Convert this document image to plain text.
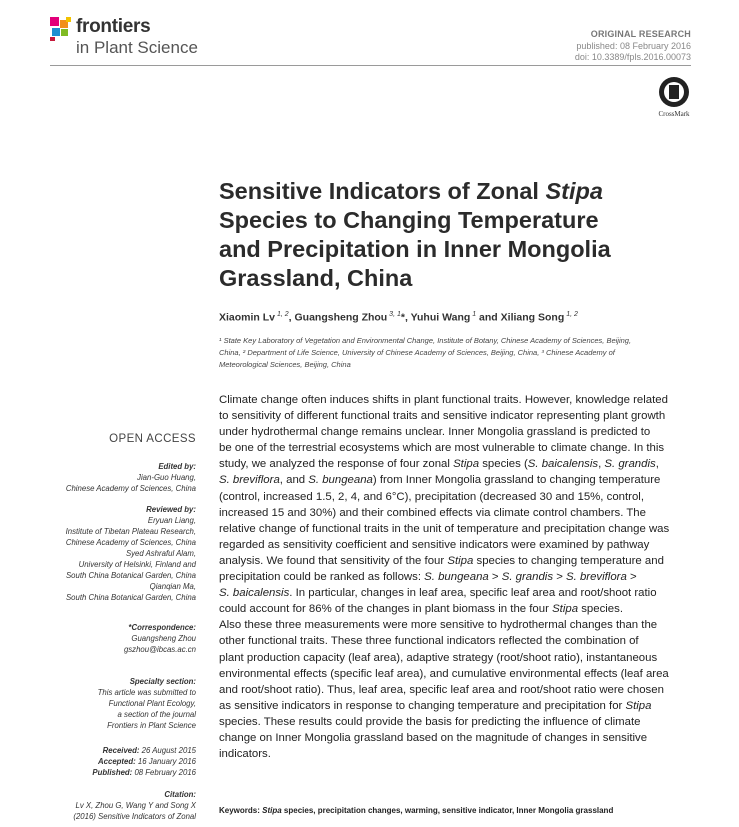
frontiers
in Plant Science
ORIGINAL RESEARCH
published: 08 February 2016
doi: 10.3389/fpls.2016.00073
CrossMark
Sensitive Indicators of Zonal Stipa
Species to Changing Temperature
and Precipitation in Inner Mongolia
Grassland, China
Xiaomin Lv $^{1, 2}$, Guangsheng Zhou $^{3, 1}$*, Yuhui Wang $^1$ and Xiliang Song $^{1, 2}$
¹ State Key Laboratory of Vegetation and Environmental Change, Institute of Botany, Chinese Academy of Sciences, Beijing,
China, ² Department of Life Science, University of Chinese Academy of Sciences, Beijing, China, ³ Chinese Academy of
Meteorological Sciences, Beijing, China
Climate change often induces shifts in plant functional traits. However, knowledge related
to sensitivity of different functional traits and sensitive indicator representing plant growth
under hydrothermal change remains unclear. Inner Mongolia grassland is predicted to
be one of the terrestrial ecosystems which are most vulnerable to climate change. In this
study, we analyzed the response of four zonal Stipa species (S. baicalensis, S. grandis,
S. breviflora, and S. bungeana) from Inner Mongolia grassland to changing temperature
(control, increased 1.5, 2, 4, and 6°C), precipitation (decreased 30 and 15%, control,
increased 15 and 30%) and their combined effects via climate control chambers. The
relative change of functional traits in the unit of temperature and precipitation change was
regarded as sensitivity coefficient and sensitive indicators were examined by pathway
analysis. We found that sensitivity of the four Stipa species to changing temperature and
precipitation could be ranked as follows: S. bungeana > S. grandis > S. breviflora >
S. baicalensis. In particular, changes in leaf area, specific leaf area and root/shoot ratio
could account for 86% of the changes in plant biomass in the four Stipa species.
Also these three measurements were more sensitive to hydrothermal changes than the
other functional traits. These three functional indicators reflected the combination of
plant production capacity (leaf area), adaptive strategy (root/shoot ratio), instantaneous
environmental effects (specific leaf area), and cumulative environmental effects (leaf area
and root/shoot ratio). Thus, leaf area, specific leaf area and root/shoot ratio were chosen
as sensitive indicators in response to changing temperature and precipitation for Stipa
species. These results could provide the basis for predicting the influence of climate
change on Inner Mongolia grassland based on the magnitude of changes in sensitive
indicators.
Keywords: Stipa species, precipitation changes, warming, sensitive indicator, Inner Mongolia grassland
OPEN ACCESS
Edited by:
Jian-Guo Huang,
Chinese Academy of Sciences, China
Reviewed by:
Eryuan Liang,
Institute of Tibetan Plateau Research,
Chinese Academy of Sciences, China
Syed Ashraful Alam,
University of Helsinki, Finland and
South China Botanical Garden, China
Qianqian Ma,
South China Botanical Garden, China
*Correspondence:
Guangsheng Zhou
gszhou@ibcas.ac.cn
Specialty section:
This article was submitted to
Functional Plant Ecology,
a section of the journal
Frontiers in Plant Science
Received: 26 August 2015
Accepted: 16 January 2016
Published: 08 February 2016
Citation:
Lv X, Zhou G, Wang Y and Song X
(2016) Sensitive Indicators of Zonal
